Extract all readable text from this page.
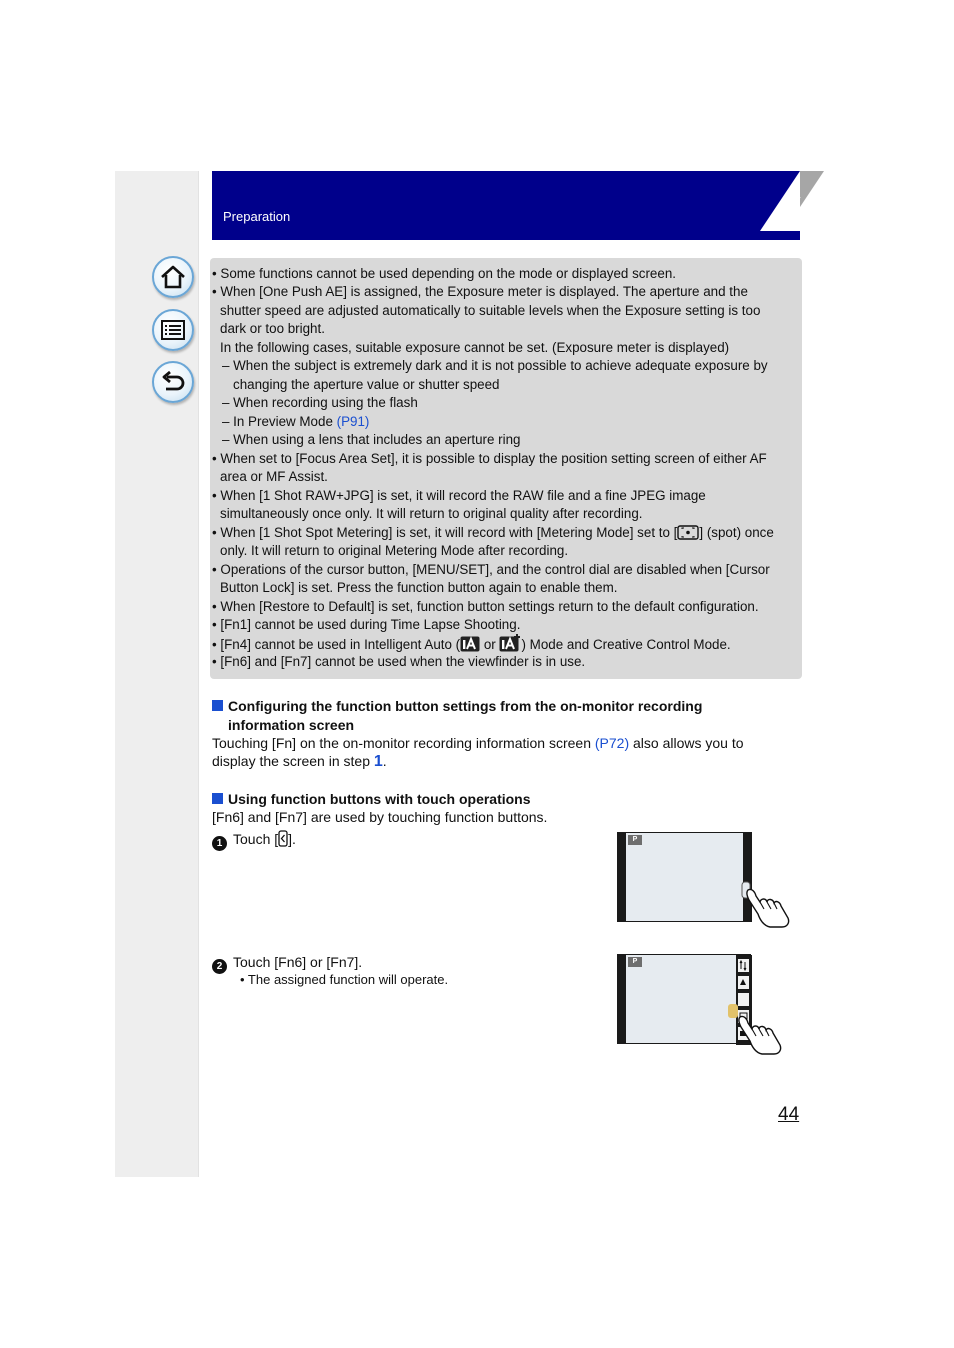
Preparation
• Some functions cannot be used depending on the mode or displayed screen.
• When [One Push AE] is assigned, the Exposure meter is displayed. The aperture and the
shutter speed are adjusted automatically to suitable levels when the Exposure setting is too
dark or too bright.
In the following cases, suitable exposure cannot be set. (Exposure meter is displayed)
– When the subject is extremely dark and it is not possible to achieve adequate exposure by
changing the aperture value or shutter speed
– When recording using the flash
– In Preview Mode (P91)
– When using a lens that includes an aperture ring
• When set to [Focus Area Set], it is possible to display the position setting screen of either AF
area or MF Assist.
• When [1 Shot RAW+JPG] is set, it will record the RAW file and a fine JPEG image
simultaneously once only. It will return to original quality after recording.
• When [1 Shot Spot Metering] is set, it will record with [Metering Mode] set to [ ] (spot) once
only. It will return to original Metering Mode after recording.
• Operations of the cursor button, [MENU/SET], and the control dial are disabled when [Cursor
Button Lock] is set. Press the function button again to enable them.
• When [Restore to Default] is set, function button settings return to the default configuration.
• [Fn1] cannot be used during Time Lapse Shooting.
• [Fn4] cannot be used in Intelligent Auto ( or ) Mode and Creative Control Mode.
• [Fn6] and [Fn7] cannot be used when the viewfinder is in use.
Configuring the function button settings from the on-monitor recording
information screen
Touching [Fn] on the on-monitor recording information screen (P72) also allows you to
display the screen in step 1.
Using function buttons with touch operations
[Fn6] and [Fn7] are used by touching function buttons.
1 Touch [ ].
2 Touch [Fn6] or [Fn7].
• The assigned function will operate.
P
P
44
